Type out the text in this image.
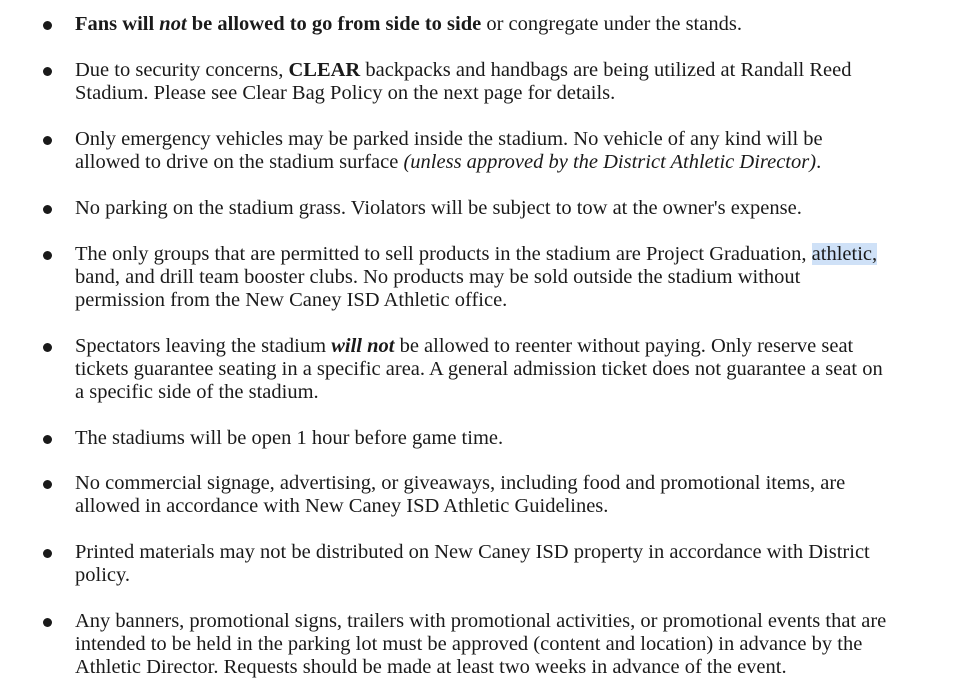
Fans will not be allowed to go from side to side or congregate under the stands.
Due to security concerns, CLEAR backpacks and handbags are being utilized at Randall Reed
Stadium. Please see Clear Bag Policy on the next page for details.
Only emergency vehicles may be parked inside the stadium. No vehicle of any kind will be
allowed to drive on the stadium surface (unless approved by the District Athletic Director).
No parking on the stadium grass. Violators will be subject to tow at the owner's expense.
The only groups that are permitted to sell products in the stadium are Project Graduation, athletic,
band, and drill team booster clubs. No products may be sold outside the stadium without
permission from the New Caney ISD Athletic office.
Spectators leaving the stadium will not be allowed to reenter without paying. Only reserve seat
tickets guarantee seating in a specific area. A general admission ticket does not guarantee a seat on
a specific side of the stadium.
The stadiums will be open 1 hour before game time.
No commercial signage, advertising, or giveaways, including food and promotional items, are
allowed in accordance with New Caney ISD Athletic Guidelines.
Printed materials may not be distributed on New Caney ISD property in accordance with District
policy.
Any banners, promotional signs, trailers with promotional activities, or promotional events that are
intended to be held in the parking lot must be approved (content and location) in advance by the
Athletic Director. Requests should be made at least two weeks in advance of the event.
